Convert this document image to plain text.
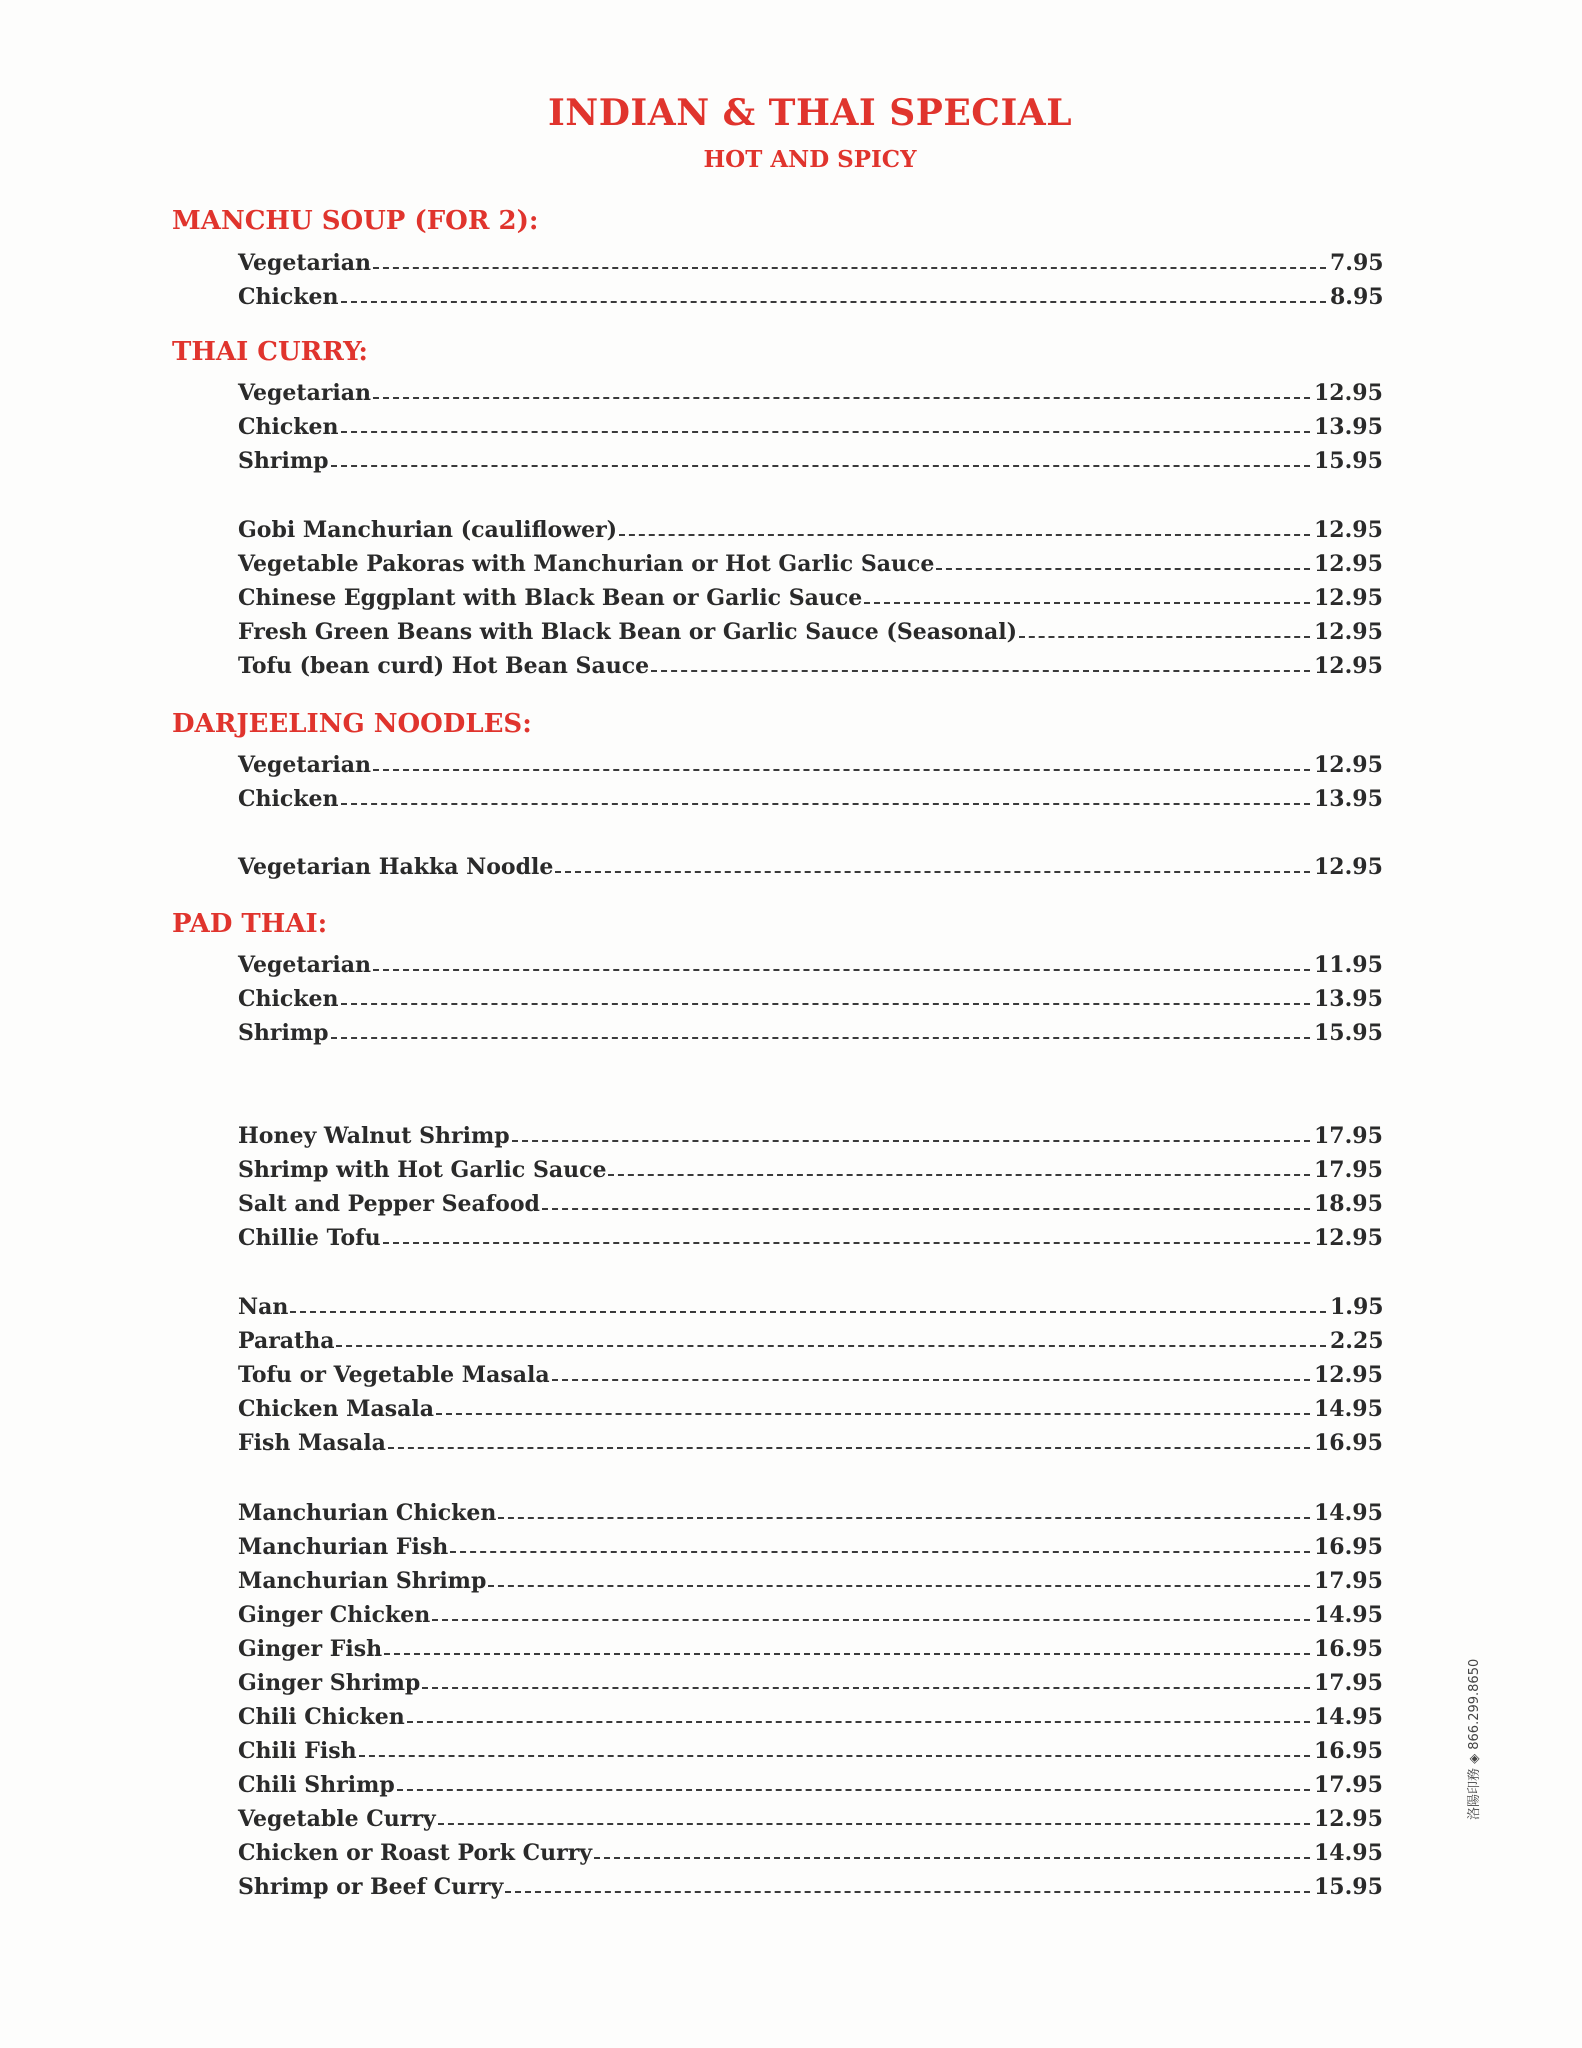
INDIAN & THAI SPECIAL
HOT AND SPICY
MANCHU SOUP (FOR 2):
Vegetarian	7.95
Chicken	8.95
THAI CURRY:
Vegetarian	12.95
Chicken	13.95
Shrimp	15.95
Gobi Manchurian (cauliflower)	12.95
Vegetable Pakoras with Manchurian or Hot Garlic Sauce	12.95
Chinese Eggplant with Black Bean or Garlic Sauce	12.95
Fresh Green Beans with Black Bean or Garlic Sauce (Seasonal)	12.95
Tofu (bean curd) Hot Bean Sauce	12.95
DARJEELING NOODLES:
Vegetarian	12.95
Chicken	13.95
Vegetarian Hakka Noodle	12.95
PAD THAI:
Vegetarian	11.95
Chicken	13.95
Shrimp	15.95
Honey Walnut Shrimp	17.95
Shrimp with Hot Garlic Sauce	17.95
Salt and Pepper Seafood	18.95
Chillie Tofu	12.95
Nan	1.95
Paratha	2.25
Tofu or Vegetable Masala	12.95
Chicken Masala	14.95
Fish Masala	16.95
Manchurian Chicken	14.95
Manchurian Fish	16.95
Manchurian Shrimp	17.95
Ginger Chicken	14.95
Ginger Fish	16.95
Ginger Shrimp	17.95
Chili Chicken	14.95
Chili Fish	16.95
Chili Shrimp	17.95
Vegetable Curry	12.95
Chicken or Roast Pork Curry	14.95
Shrimp or Beef Curry	15.95
洛陽印務 ◈ 866.299.8650
